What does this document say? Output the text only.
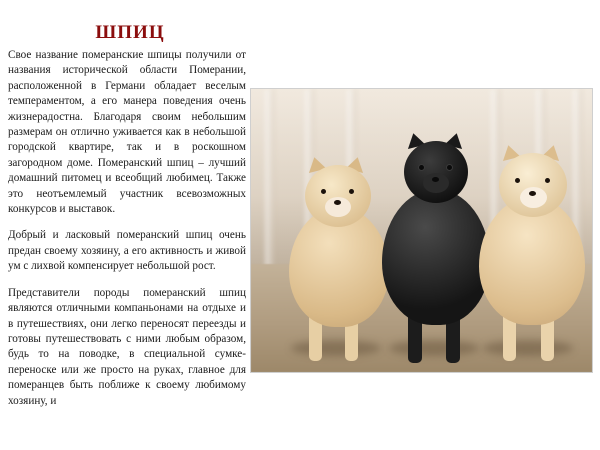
ШПИЦ

Свое название померанские шпицы получили от названия исторической области Померании, расположенной в Германи обладает веселым темпераментом, а его манера поведения очень жизнерадостна. Благодаря своим небольшим размерам он отлично уживается как в небольшой городской квартире, так и в роскошном загородном доме. Померанский шпиц – лучший домашний питомец и всеобщий любимец. Также это неотъемлемый участник всевозможных конкурсов и выставок.

Добрый и ласковый померанский шпиц очень предан своему хозяину, а его активность и живой ум с лихвой компенсирует небольшой рост.

Представители породы померанский шпиц являются отличными компаньонами на отдыхе и в путешествиях, они легко переносят переезды и готовы путешествовать с ними любым образом, будь то на поводке, в специальной сумке-переноске или же просто на руках, главное для померанцев быть поближе к своему любимому хозяину, и
